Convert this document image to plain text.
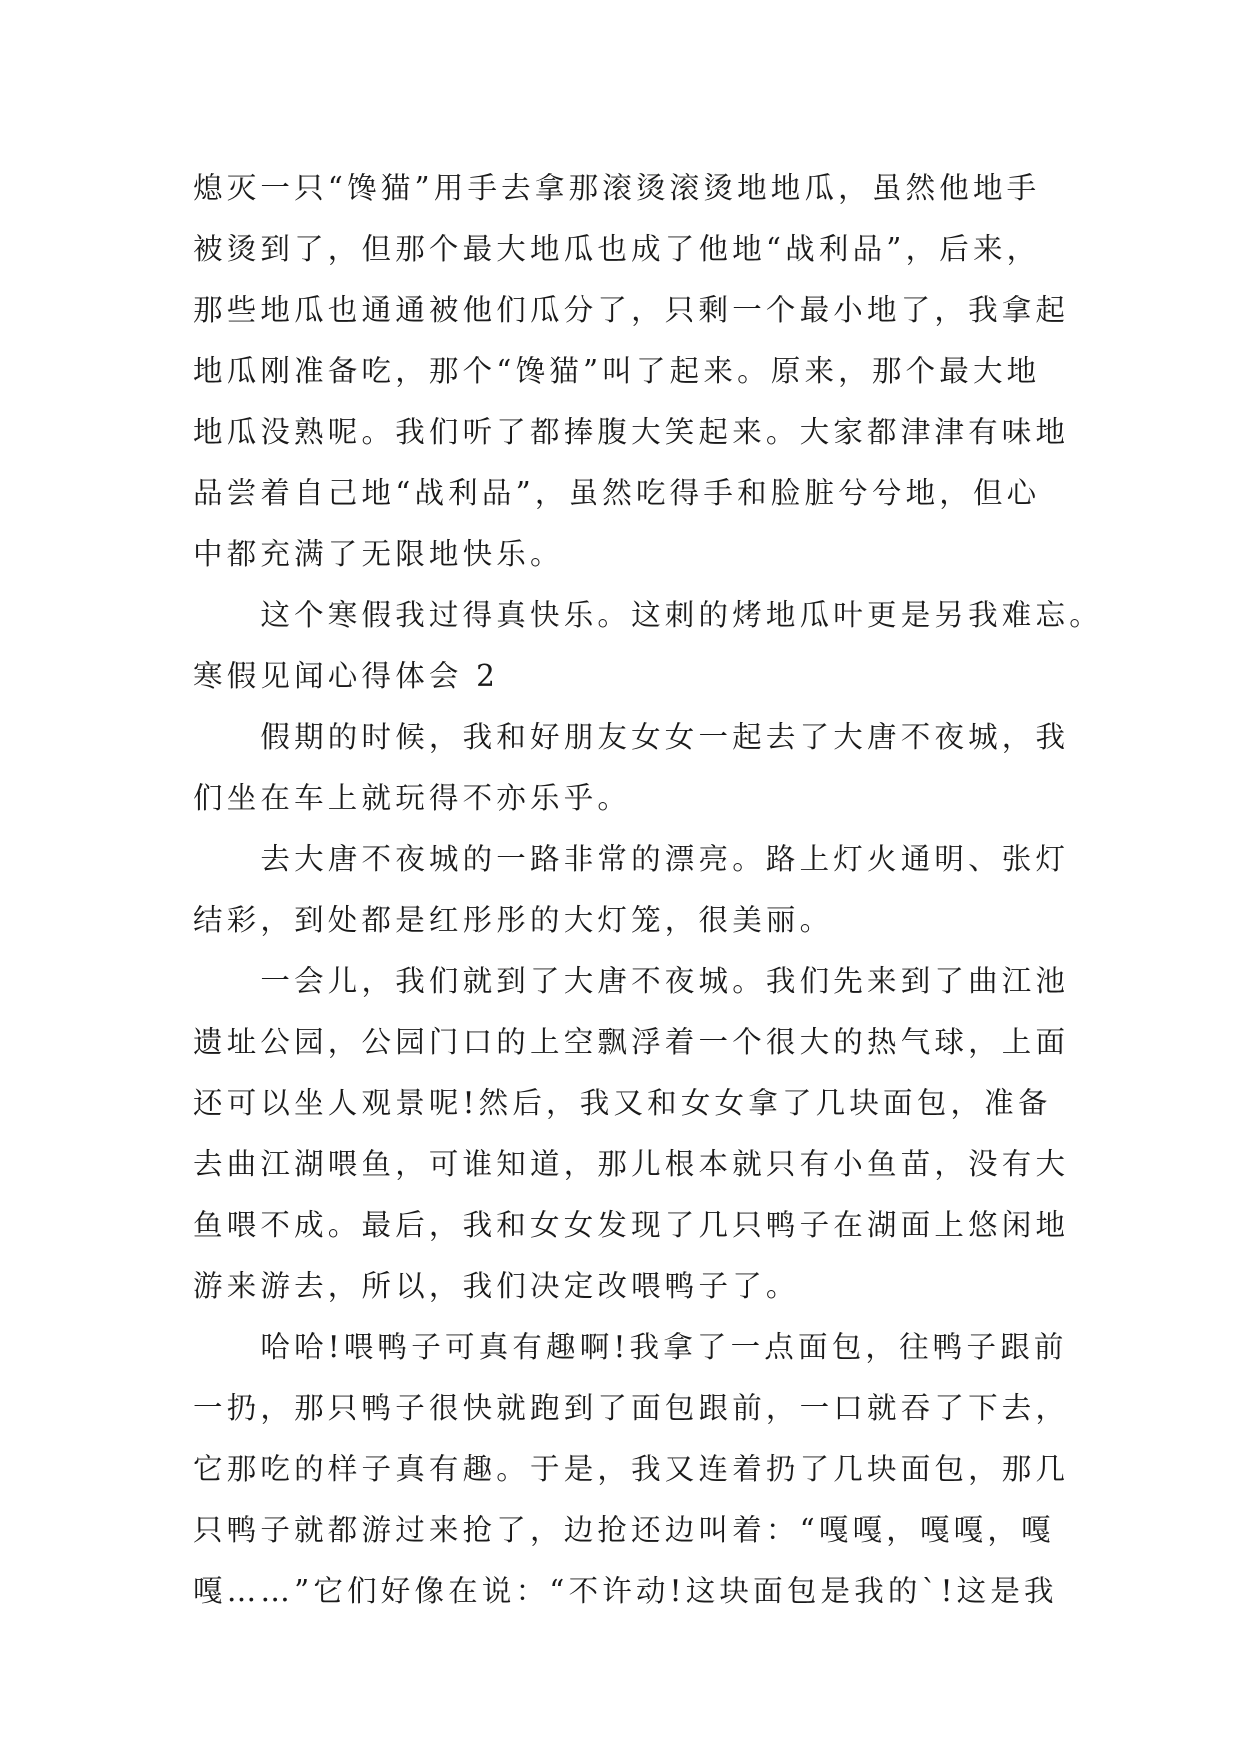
熄灭一只“馋猫”用手去拿那滚烫滚烫地地瓜，虽然他地手
被烫到了，但那个最大地瓜也成了他地“战利品”，后来，
那些地瓜也通通被他们瓜分了，只剩一个最小地了，我拿起
地瓜刚准备吃，那个“馋猫”叫了起来。原来，那个最大地
地瓜没熟呢。我们听了都捧腹大笑起来。大家都津津有味地
品尝着自己地“战利品”，虽然吃得手和脸脏兮兮地，但心
中都充满了无限地快乐。
　　这个寒假我过得真快乐。这刺的烤地瓜叶更是另我难忘。
寒假见闻心得体会 2
　　假期的时候，我和好朋友女女一起去了大唐不夜城，我
们坐在车上就玩得不亦乐乎。
　　去大唐不夜城的一路非常的漂亮。路上灯火通明、张灯
结彩，到处都是红彤彤的大灯笼，很美丽。
　　一会儿，我们就到了大唐不夜城。我们先来到了曲江池
遗址公园，公园门口的上空飘浮着一个很大的热气球，上面
还可以坐人观景呢!然后，我又和女女拿了几块面包，准备
去曲江湖喂鱼，可谁知道，那儿根本就只有小鱼苗，没有大
鱼喂不成。最后，我和女女发现了几只鸭子在湖面上悠闲地
游来游去，所以，我们决定改喂鸭子了。
　　哈哈!喂鸭子可真有趣啊!我拿了一点面包，往鸭子跟前
一扔，那只鸭子很快就跑到了面包跟前，一口就吞了下去，
它那吃的样子真有趣。于是，我又连着扔了几块面包，那几
只鸭子就都游过来抢了，边抢还边叫着：“嘎嘎，嘎嘎，嘎
嘎……”它们好像在说：“不许动!这块面包是我的`!这是我
